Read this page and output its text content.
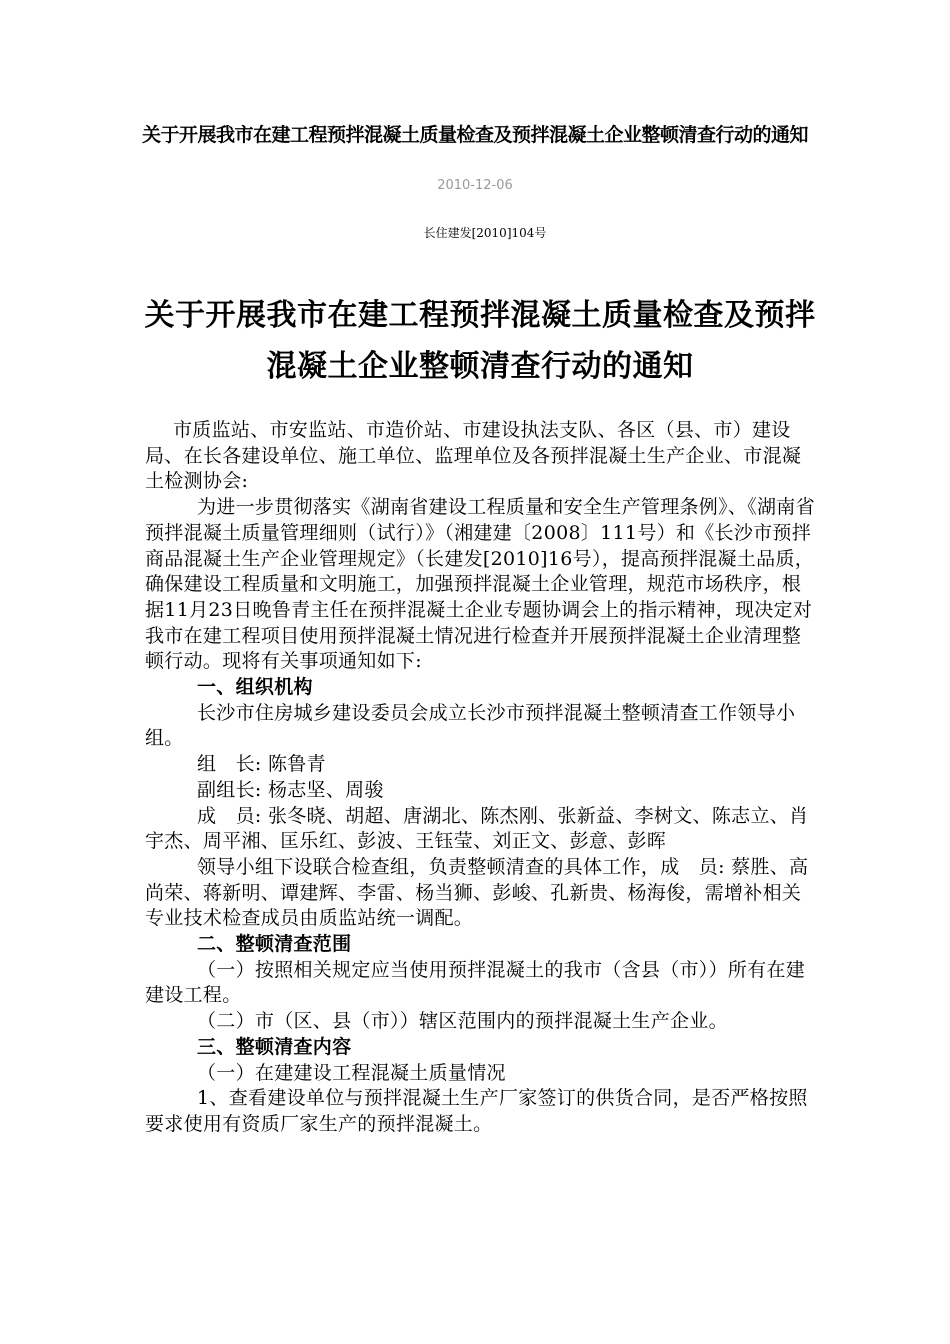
关于开展我市在建工程预拌混凝土质量检查及预拌混凝土企业整顿清查行动的通知
2010-12-06
长住建发[2010]104号
关于开展我市在建工程预拌混凝土质量检查及预拌混凝土企业整顿清查行动的通知

市质监站、市安监站、市造价站、市建设执法支队、各区（县、市）建设局、在长各建设单位、施工单位、监理单位及各预拌混凝土生产企业、市混凝土检测协会:

为进一步贯彻落实《湖南省建设工程质量和安全生产管理条例》、《湖南省预拌混凝土质量管理细则（试行）》（湘建建〔2008〕111号）和《长沙市预拌商品混凝土生产企业管理规定》（长建发[2010]16号），提高预拌混凝土品质，确保建设工程质量和文明施工，加强预拌混凝土企业管理，规范市场秩序，根据11月23日晚鲁青主任在预拌混凝土企业专题协调会上的指示精神，现决定对我市在建工程项目使用预拌混凝土情况进行检查并开展预拌混凝土企业清理整顿行动。现将有关事项通知如下:

一、组织机构

长沙市住房城乡建设委员会成立长沙市预拌混凝土整顿清查工作领导小组。

组　长: 陈鲁青

副组长: 杨志坚、周骏

成　员: 张冬晓、胡超、唐湖北、陈杰刚、张新益、李树文、陈志立、肖宇杰、周平湘、匡乐红、彭波、王钰莹、刘正文、彭意、彭晖

领导小组下设联合检查组，负责整顿清查的具体工作，成　员: 蔡胜、高尚荣、蒋新明、谭建辉、李雷、杨当狮、彭峻、孔新贵、杨海俊，需增补相关专业技术检查成员由质监站统一调配。

二、整顿清查范围

（一）按照相关规定应当使用预拌混凝土的我市（含县（市））所有在建建设工程。

（二）市（区、县（市））辖区范围内的预拌混凝土生产企业。

三、整顿清查内容

（一）在建建设工程混凝土质量情况

1、查看建设单位与预拌混凝土生产厂家签订的供货合同，是否严格按照要求使用有资质厂家生产的预拌混凝土。
